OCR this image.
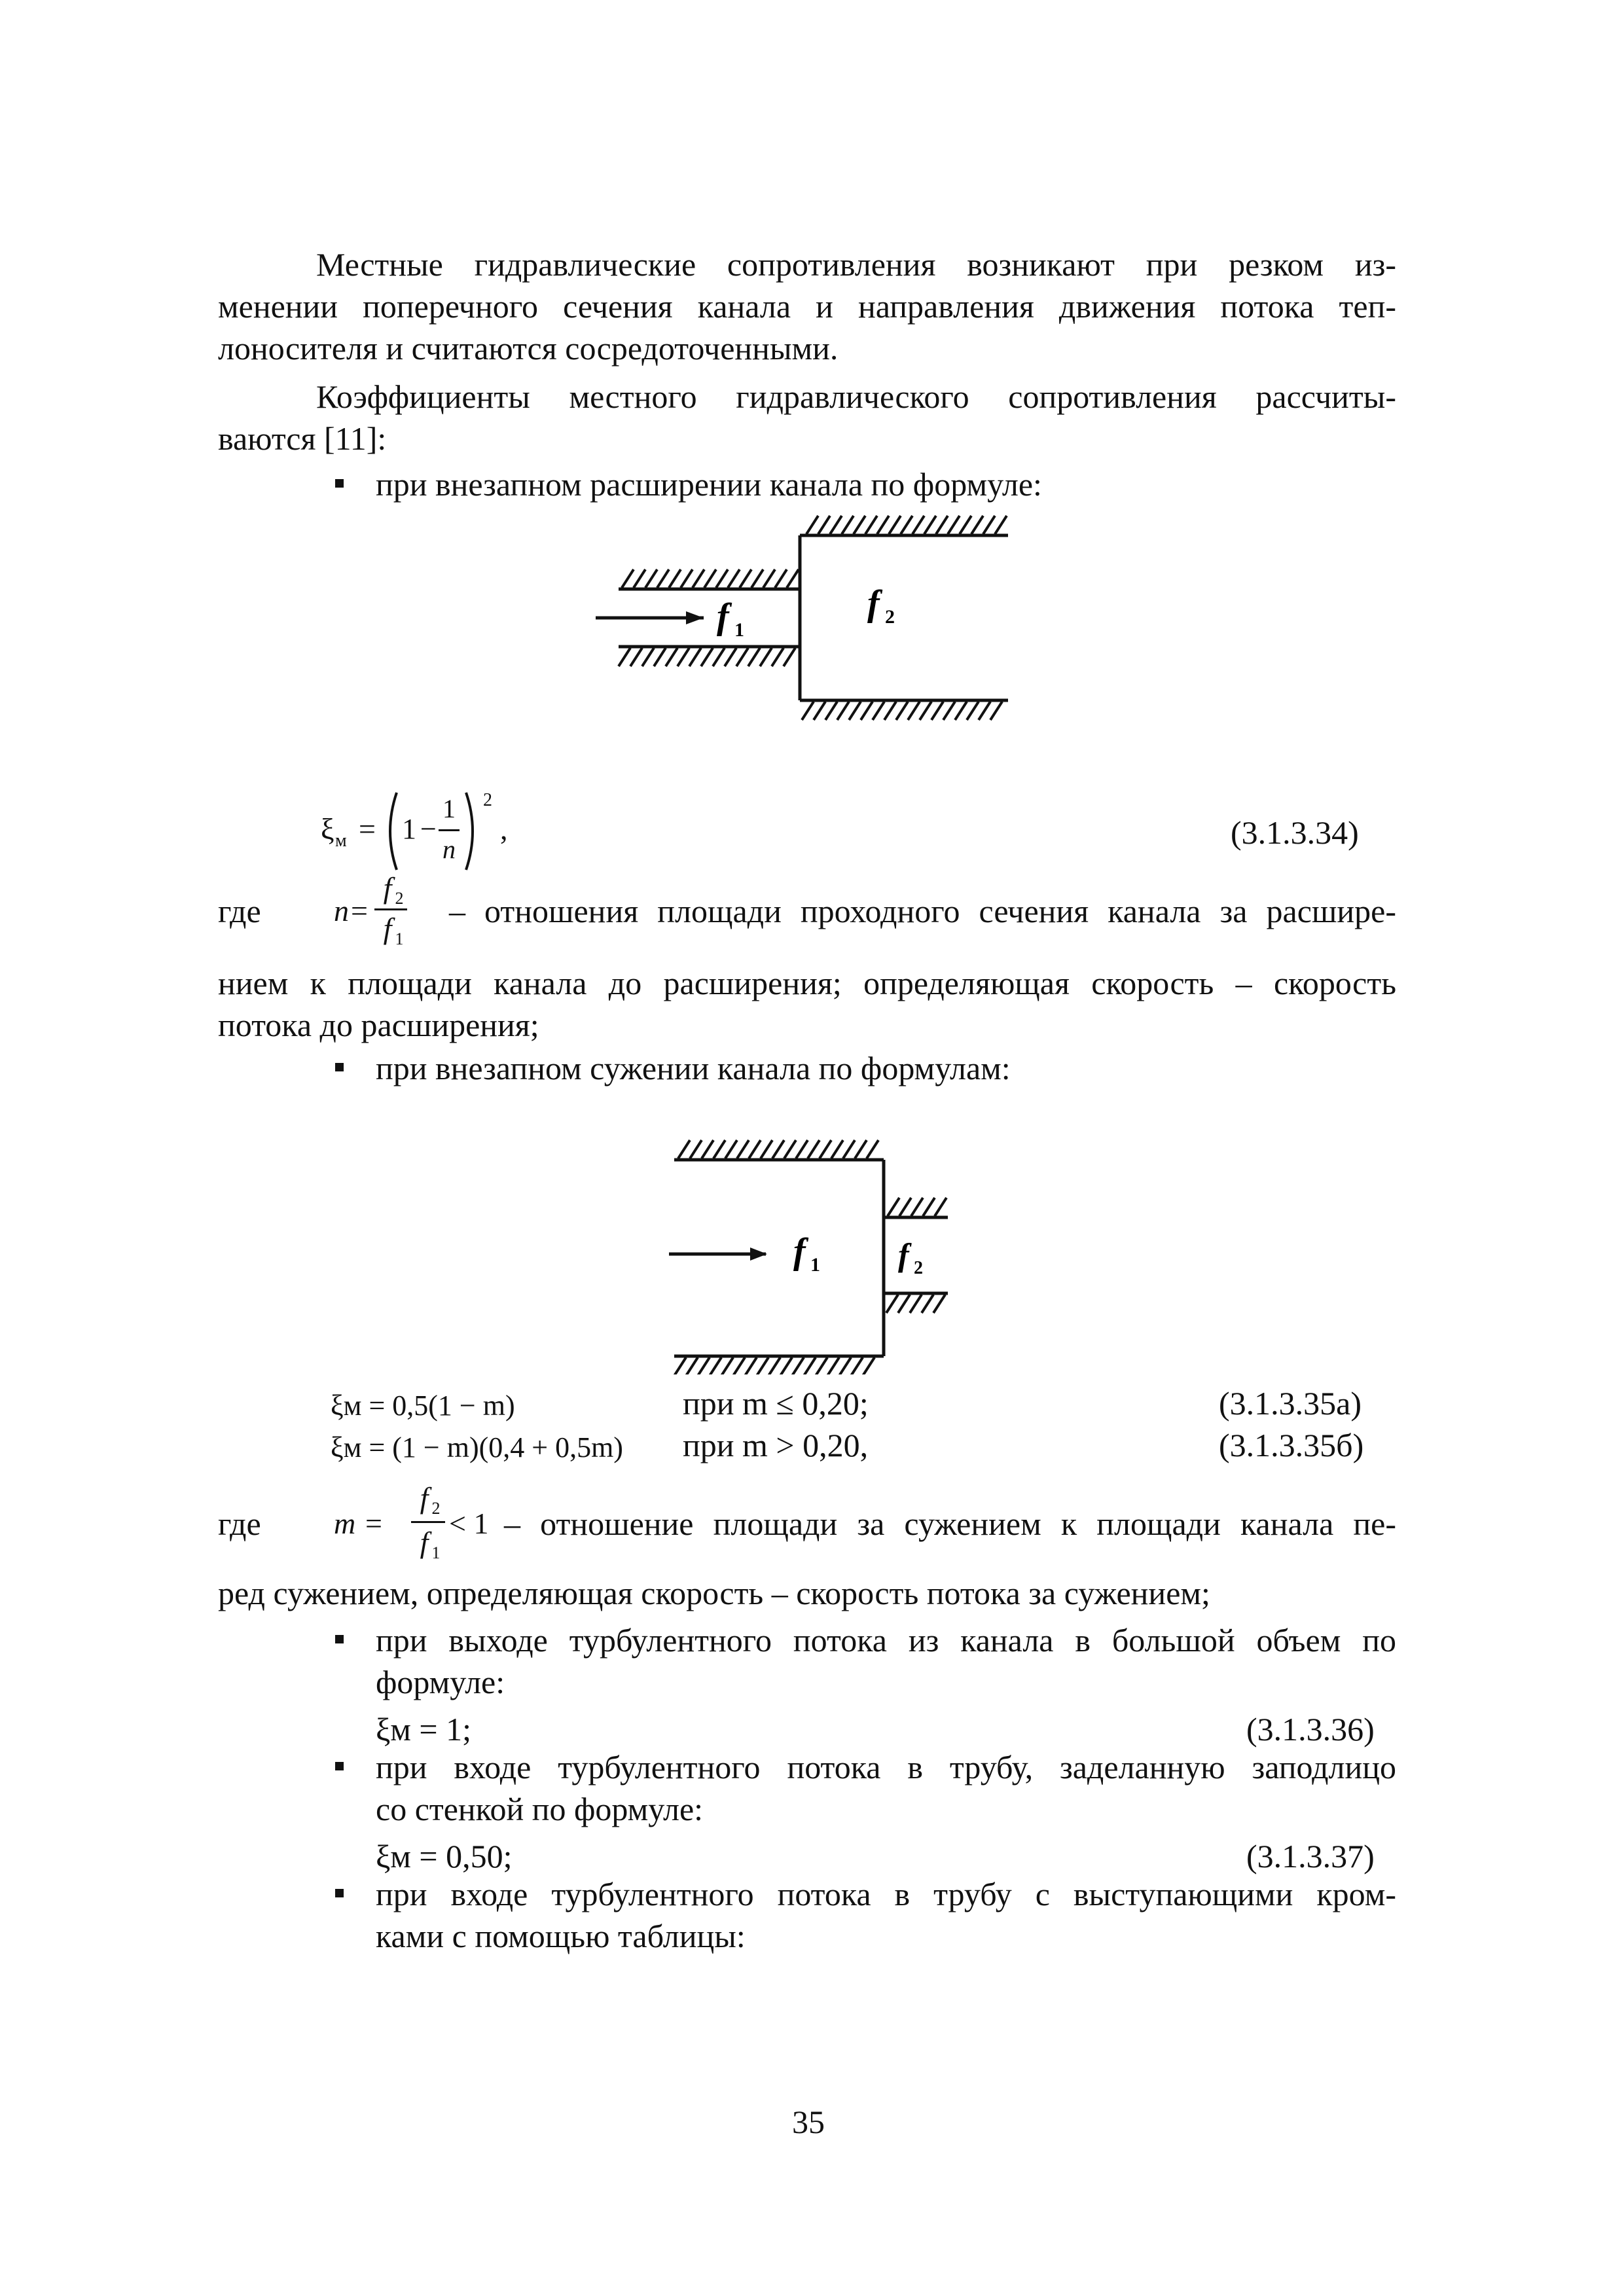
Местные гидравлические сопротивления возникают при резком из-
менении поперечного сечения канала и направления движения потока теп-
лоносителя и считаются сосредоточенными.
Коэффициенты местного гидравлического сопротивления рассчиты-
ваются [11]:
при внезапном расширении канала по формуле:
f 1
f 2
ξ м = 1 −
1
n
2
,	(3.1.3.34)
где n =
f 2
f 1
– отношения площади проходного сечения канала за расшире-
нием к площади канала до расширения; определяющая скорость – скорость
потока до расширения;
при внезапном сужении канала по формулам:
f 1 f 2
ξм = 0,5(1 − m)	при m ≤ 0,20;	(3.1.3.35а)
ξм = (1 − m)(0,4 + 0,5m) при m > 0,20,	(3.1.3.35б)
где m =
f 2
f 1
< 1 – отношение площади за сужением к площади канала пе-
ред сужением, определяющая скорость – скорость потока за сужением;
при выходе турбулентного потока из канала в большой объем по
формуле:
ξм = 1;	(3.1.3.36)
при входе турбулентного потока в трубу, заделанную заподлицо
со стенкой по формуле:
ξм = 0,50;	(3.1.3.37)
при входе турбулентного потока в трубу с выступающими кром-
ками с помощью таблицы:
35
